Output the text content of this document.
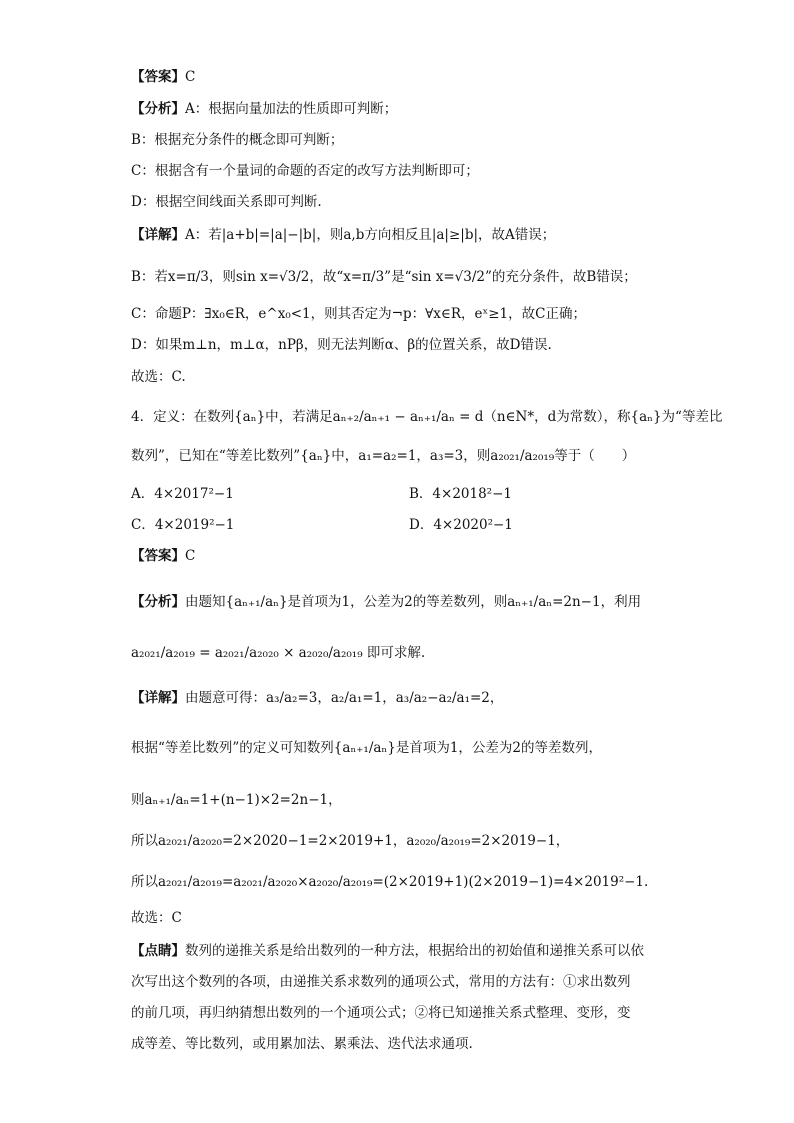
【答案】C
【分析】A：根据向量加法的性质即可判断；
B：根据充分条件的概念即可判断；
C：根据含有一个量词的命题的否定的改写方法判断即可；
D：根据空间线面关系即可判断.
【详解】A：若|a+b|=|a|−|b|，则a,b方向相反且|a|≥|b|，故A错误；
B：若x=π/3，则sin x=√3/2，故“x=π/3”是“sin x=√3/2”的充分条件，故B错误；
C：命题P：∃x₀∈R，e^x₀<1，则其否定为¬p：∀x∈R，eˣ≥1，故C正确；
D：如果m⊥n，m⊥α，nPβ，则无法判断α、β的位置关系，故D错误.
故选：C.
4．定义：在数列{aₙ}中，若满足aₙ₊₂/aₙ₊₁ − aₙ₊₁/aₙ = d（n∈N*，d为常数），称{aₙ}为“等差比
数列”，已知在“等差比数列”{aₙ}中，a₁=a₂=1，a₃=3，则a₂₀₂₁/a₂₀₁₉等于（　　）
A．4×2017²−1	B．4×2018²−1
C．4×2019²−1	D．4×2020²−1
【答案】C
【分析】由题知{aₙ₊₁/aₙ}是首项为1，公差为2的等差数列，则aₙ₊₁/aₙ=2n−1，利用
a₂₀₂₁/a₂₀₁₉ = a₂₀₂₁/a₂₀₂₀ × a₂₀₂₀/a₂₀₁₉ 即可求解.
【详解】由题意可得：a₃/a₂=3，a₂/a₁=1，a₃/a₂−a₂/a₁=2，
根据“等差比数列”的定义可知数列{aₙ₊₁/aₙ}是首项为1，公差为2的等差数列，
则aₙ₊₁/aₙ=1+(n−1)×2=2n−1，
所以a₂₀₂₁/a₂₀₂₀=2×2020−1=2×2019+1，a₂₀₂₀/a₂₀₁₉=2×2019−1，
所以a₂₀₂₁/a₂₀₁₉=a₂₀₂₁/a₂₀₂₀×a₂₀₂₀/a₂₀₁₉=(2×2019+1)(2×2019−1)=4×2019²−1.
故选：C
【点睛】数列的递推关系是给出数列的一种方法，根据给出的初始值和递推关系可以依
次写出这个数列的各项，由递推关系求数列的通项公式，常用的方法有：①求出数列
的前几项，再归纳猜想出数列的一个通项公式；②将已知递推关系式整理、变形，变
成等差、等比数列，或用累加法、累乘法、迭代法求通项.
